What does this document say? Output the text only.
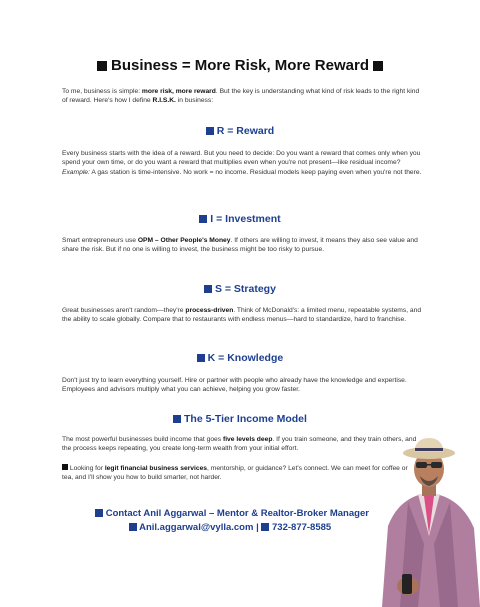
Business = More Risk, More Reward
To me, business is simple: more risk, more reward. But the key is understanding what kind of risk leads to the right kind of reward. Here's how I define R.I.S.K. in business:
R = Reward
Every business starts with the idea of a reward. But you need to decide: Do you want a reward that comes only when you spend your own time, or do you want a reward that multiplies even when you're not present—like residual income?
Example: A gas station is time-intensive. No work = no income. Residual models keep paying even when you're not there.
I = Investment
Smart entrepreneurs use OPM – Other People's Money. If others are willing to invest, it means they also see value and share the risk. But if no one is willing to invest, the business might be too risky to pursue.
S = Strategy
Great businesses aren't random—they're process-driven. Think of McDonald's: a limited menu, repeatable systems, and the ability to scale globally. Compare that to restaurants with endless menus—hard to standardize, hard to franchise.
K = Knowledge
Don't just try to learn everything yourself. Hire or partner with people who already have the knowledge and expertise. Employees and advisors multiply what you can achieve, helping you grow faster.
The 5-Tier Income Model
The most powerful businesses build income that goes five levels deep. If you train someone, and they train others, and the process keeps repeating, you create long-term wealth from your initial effort.
Looking for legit financial business services, mentorship, or guidance? Let's connect. We can meet for coffee or tea, and I'll show you how to build smarter, not harder.
Contact Anil Aggarwal – Mentor & Realtor-Broker Manager
Anil.aggarwal@vylla.com |  732-877-8585
